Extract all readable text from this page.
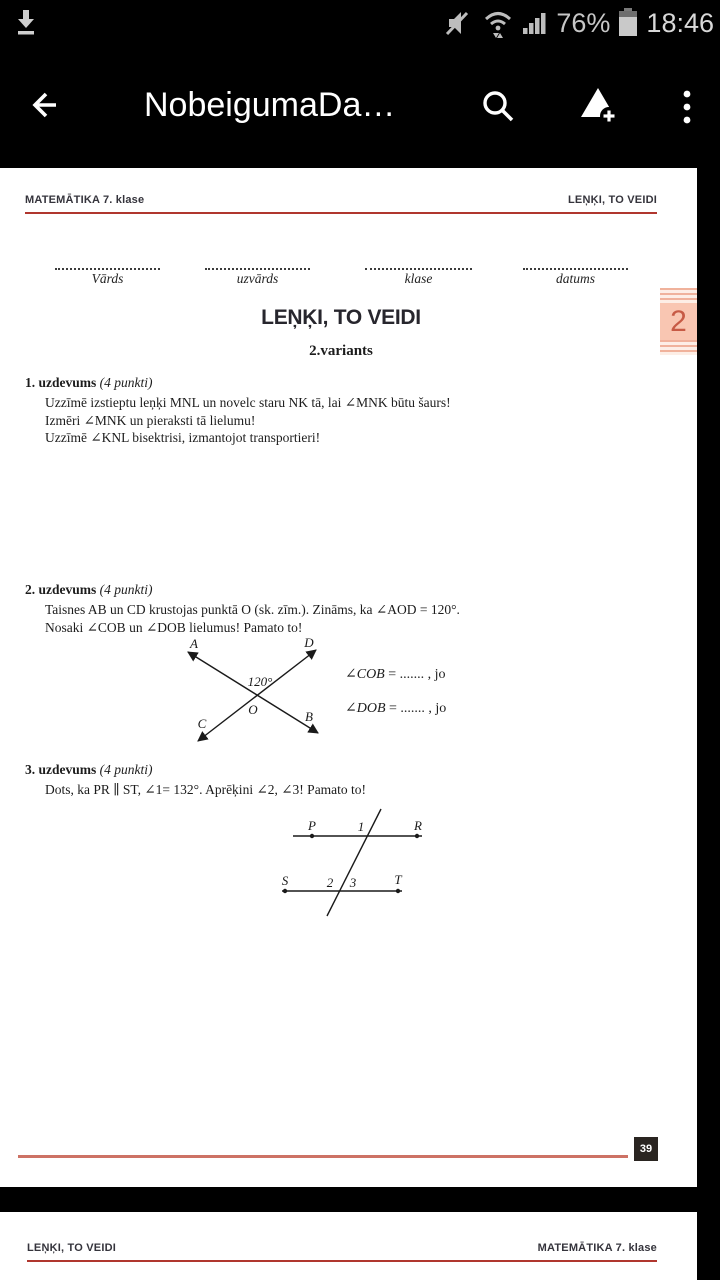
76% 18:46
NobeigumaDa…
MATEMĀTIKA 7. klase	LEŅĶI, TO VEIDI
Vārds	uzvārds	klase	datums
2
LEŅĶI, TO VEIDI
2.variants
1. uzdevums (4 punkti)
Uzzīmē izstieptu leņķi MNL un novelc staru NK tā, lai ∠MNK būtu šaurs!
Izmēri ∠MNK un pieraksti tā lielumu!
Uzzīmē ∠KNL bisektrisi, izmantojot transportieri!
2. uzdevums (4 punkti)
Taisnes AB un CD krustojas punktā O (sk. zīm.). Zināms, ka ∠AOD = 120°.
Nosaki ∠COB un ∠DOB lielumus! Pamato to!
A	D
120°
O
C	B
∠COB = ....... , jo
∠DOB = ....... , jo
3. uzdevums (4 punkti)
Dots, ka PR ∥ ST, ∠1= 132°. Aprēķini ∠2, ∠3! Pamato to!
P	1	R
S	2 3	T
39
LEŅĶI, TO VEIDI	MATEMĀTIKA 7. klase
